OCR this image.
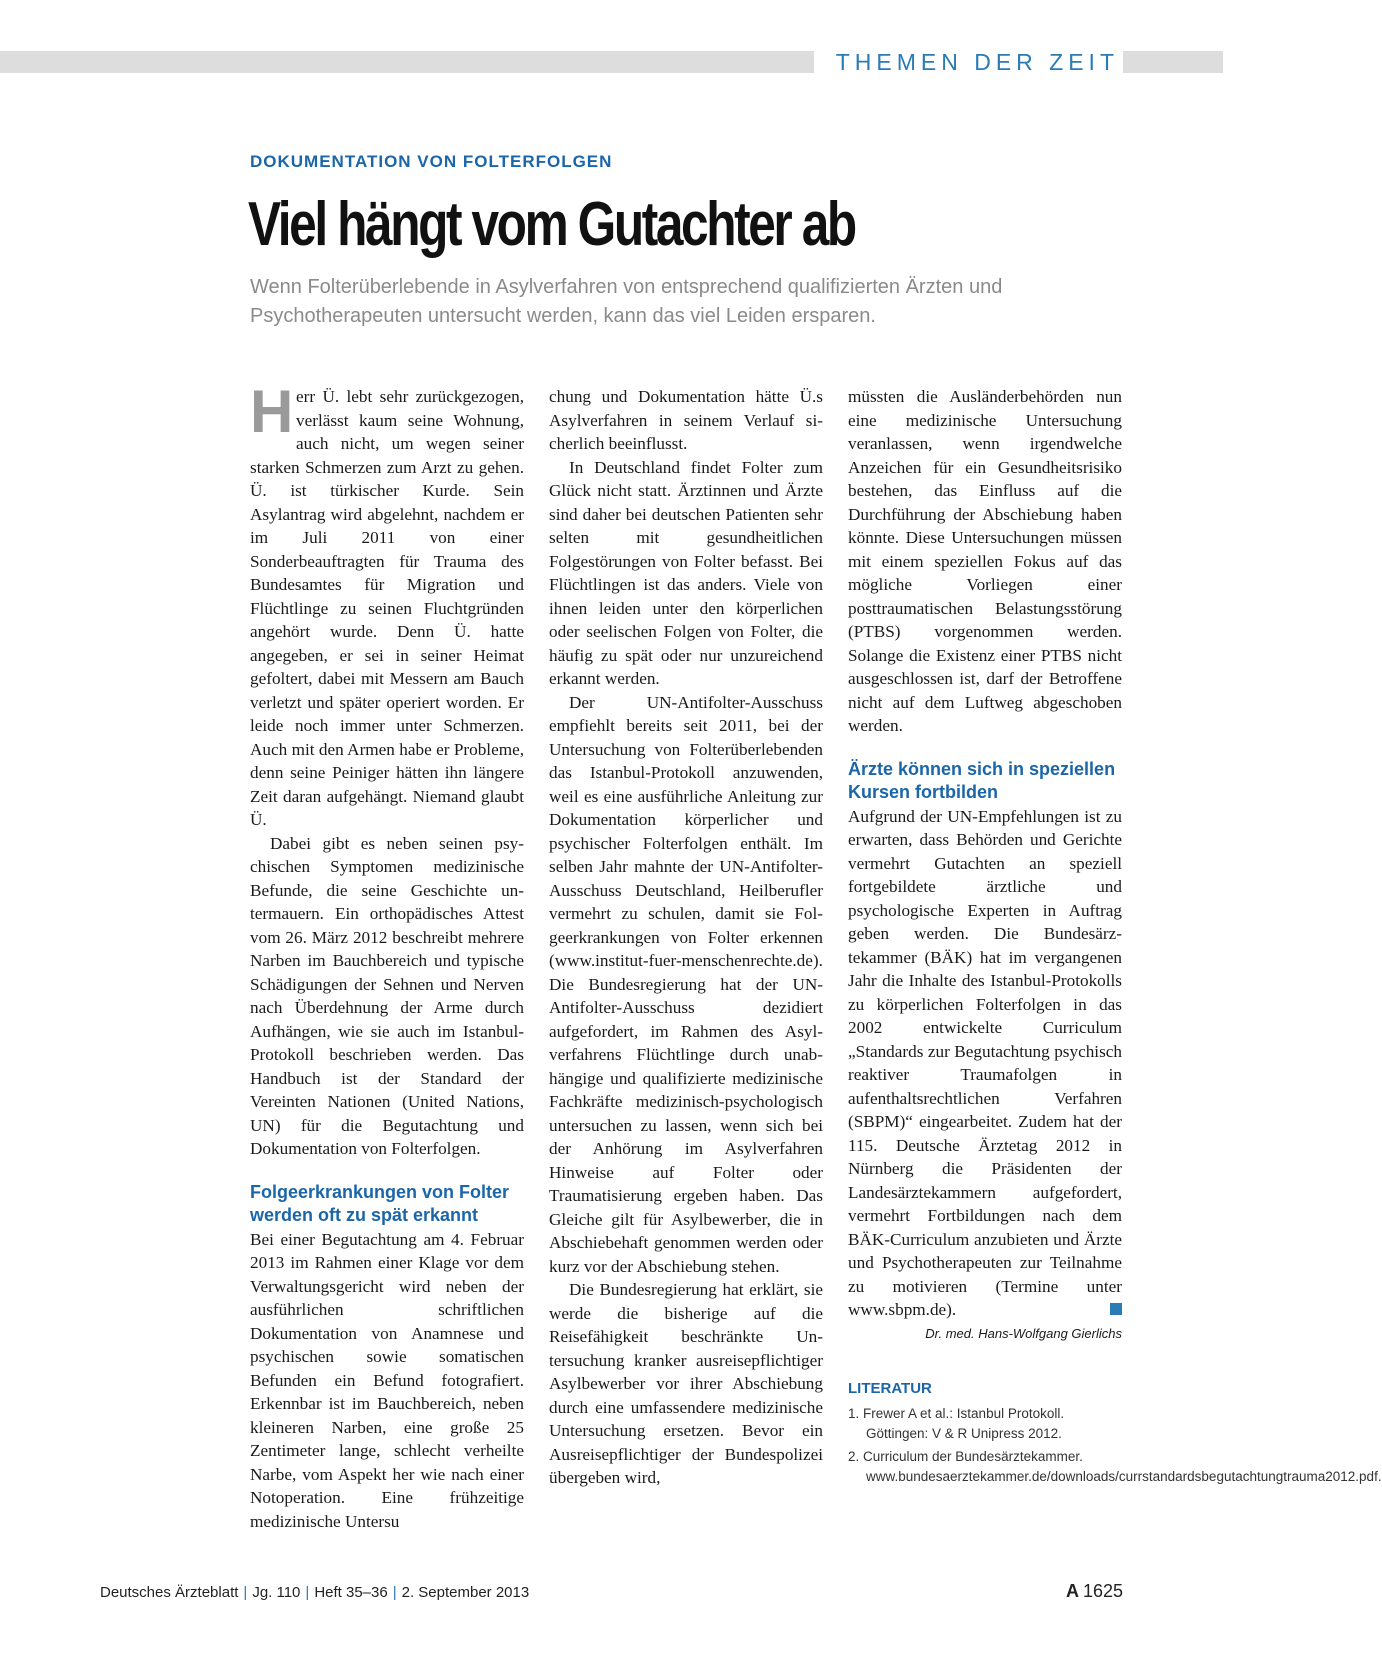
THEMEN DER ZEIT
DOKUMENTATION VON FOLTERFOLGEN
Viel hängt vom Gutachter ab

Wenn Folterüberlebende in Asylverfahren von entsprechend qualifizierten Ärzten und Psychotherapeuten untersucht werden, kann das viel Leiden ersparen.

Herr Ü. lebt sehr zurückgezogen, verlässt kaum seine Wohnung, auch nicht, um wegen seiner starken Schmerzen zum Arzt zu gehen. Ü. ist türkischer Kurde. Sein Asylantrag wird abgelehnt, nachdem er im Juli 2011 von einer Sonderbeauftragten für Trauma des Bundesamtes für Migration und Flüchtlinge zu seinen Fluchtgründen angehört wurde. Denn Ü. hatte angegeben, er sei in seiner Heimat gefoltert, dabei mit Messern am Bauch verletzt und später operiert worden. Er leide noch immer unter Schmerzen. Auch mit den Armen habe er Probleme, denn seine Peiniger hätten ihn längere Zeit daran aufgehängt. Niemand glaubt Ü.

Dabei gibt es neben seinen psychischen Symptomen medizinische Befunde, die seine Geschichte untermauern. Ein orthopädisches Attest vom 26. März 2012 beschreibt mehrere Narben im Bauchbereich und typische Schädigungen der Sehnen und Nerven nach Überdehnung der Arme durch Aufhängen, wie sie auch im Istanbul-Protokoll beschrieben werden. Das Handbuch ist der Standard der Vereinten Nationen (United Nations, UN) für die Begutachtung und Dokumentation von Folterfolgen.

Folgeerkrankungen von Folter werden oft zu spät erkannt

Bei einer Begutachtung am 4. Februar 2013 im Rahmen einer Klage vor dem Verwaltungsgericht wird neben der ausführlichen schriftlichen Dokumentation von Anamnese und psychischen sowie somatischen Befunden ein Befund fotografiert. Erkennbar ist im Bauchbereich, neben kleineren Narben, eine große 25 Zentimeter lange, schlecht verheilte Narbe, vom Aspekt her wie nach einer Notoperation. Eine frühzeitige medizinische Untersu

chung und Dokumentation hätte Ü.s Asylverfahren in seinem Verlauf sicherlich beeinflusst.

In Deutschland findet Folter zum Glück nicht statt. Ärztinnen und Ärzte sind daher bei deutschen Patienten sehr selten mit gesundheitlichen Folgestörungen von Folter befasst. Bei Flüchtlingen ist das anders. Viele von ihnen leiden unter den körperlichen oder seelischen Folgen von Folter, die häufig zu spät oder nur unzureichend erkannt werden.

Der UN-Antifolter-Ausschuss empfiehlt bereits seit 2011, bei der Untersuchung von Folterüberlebenden das Istanbul-Protokoll anzuwenden, weil es eine ausführliche Anleitung zur Dokumentation körperlicher und psychischer Folterfolgen enthält. Im selben Jahr mahnte der UN-Antifolter-Ausschuss Deutschland, Heilberufler vermehrt zu schulen, damit sie Folgeerkrankungen von Folter erkennen (www.institut-fuer-menschenrechte.de). Die Bundesregierung hat der UN-Antifolter-Ausschuss dezidiert aufgefordert, im Rahmen des Asylverfahrens Flüchtlinge durch unabhängige und qualifizierte medizinische Fachkräfte medizinisch-psychologisch untersuchen zu lassen, wenn sich bei der Anhörung im Asylverfahren Hinweise auf Folter oder Traumatisierung ergeben haben. Das Gleiche gilt für Asylbewerber, die in Abschiebehaft genommen werden oder kurz vor der Abschiebung stehen.

Die Bundesregierung hat erklärt, sie werde die bisherige auf die Reisefähigkeit beschränkte Untersuchung kranker ausreisepflichtiger Asylbewerber vor ihrer Abschiebung durch eine umfassendere medizinische Untersuchung ersetzen. Bevor ein Ausreisepflichtiger der Bundespolizei übergeben wird,

müssten die Ausländerbehörden nun eine medizinische Untersuchung veranlassen, wenn irgendwelche Anzeichen für ein Gesundheitsrisiko bestehen, das Einfluss auf die Durchführung der Abschiebung haben könnte. Diese Untersuchungen müssen mit einem speziellen Fokus auf das mögliche Vorliegen einer posttraumatischen Belastungsstörung (PTBS) vorgenommen werden. Solange die Existenz einer PTBS nicht ausgeschlossen ist, darf der Betroffene nicht auf dem Luftweg abgeschoben werden.

Ärzte können sich in speziellen Kursen fortbilden

Aufgrund der UN-Empfehlungen ist zu erwarten, dass Behörden und Gerichte vermehrt Gutachten an speziell fortgebildete ärztliche und psychologische Experten in Auftrag geben werden. Die Bundesärztekammer (BÄK) hat im vergangenen Jahr die Inhalte des Istanbul-Protokolls zu körperlichen Folterfolgen in das 2002 entwickelte Curriculum „Standards zur Begutachtung psychisch reaktiver Traumafolgen in aufenthaltsrechtlichen Verfahren (SBPM)“ eingearbeitet. Zudem hat der 115. Deutsche Ärztetag 2012 in Nürnberg die Präsidenten der Landesärztekammern aufgefordert, vermehrt Fortbildungen nach dem BÄK-Curriculum anzubieten und Ärzte und Psychotherapeuten zur Teilnahme zu motivieren (Termine unter www.sbpm.de).

Dr. med. Hans-Wolfgang Gierlichs
LITERATUR
1. Frewer A et al.: Istanbul Protokoll. Göttingen: V & R Unipress 2012.
2. Curriculum der Bundesärztekammer. www.bundesaerztekammer.de/downloads/currstandardsbegutachtungtrauma2012.pdf.
Deutsches Ärzteblatt | Jg. 110 | Heft 35–36 | 2. September 2013	A 1625
